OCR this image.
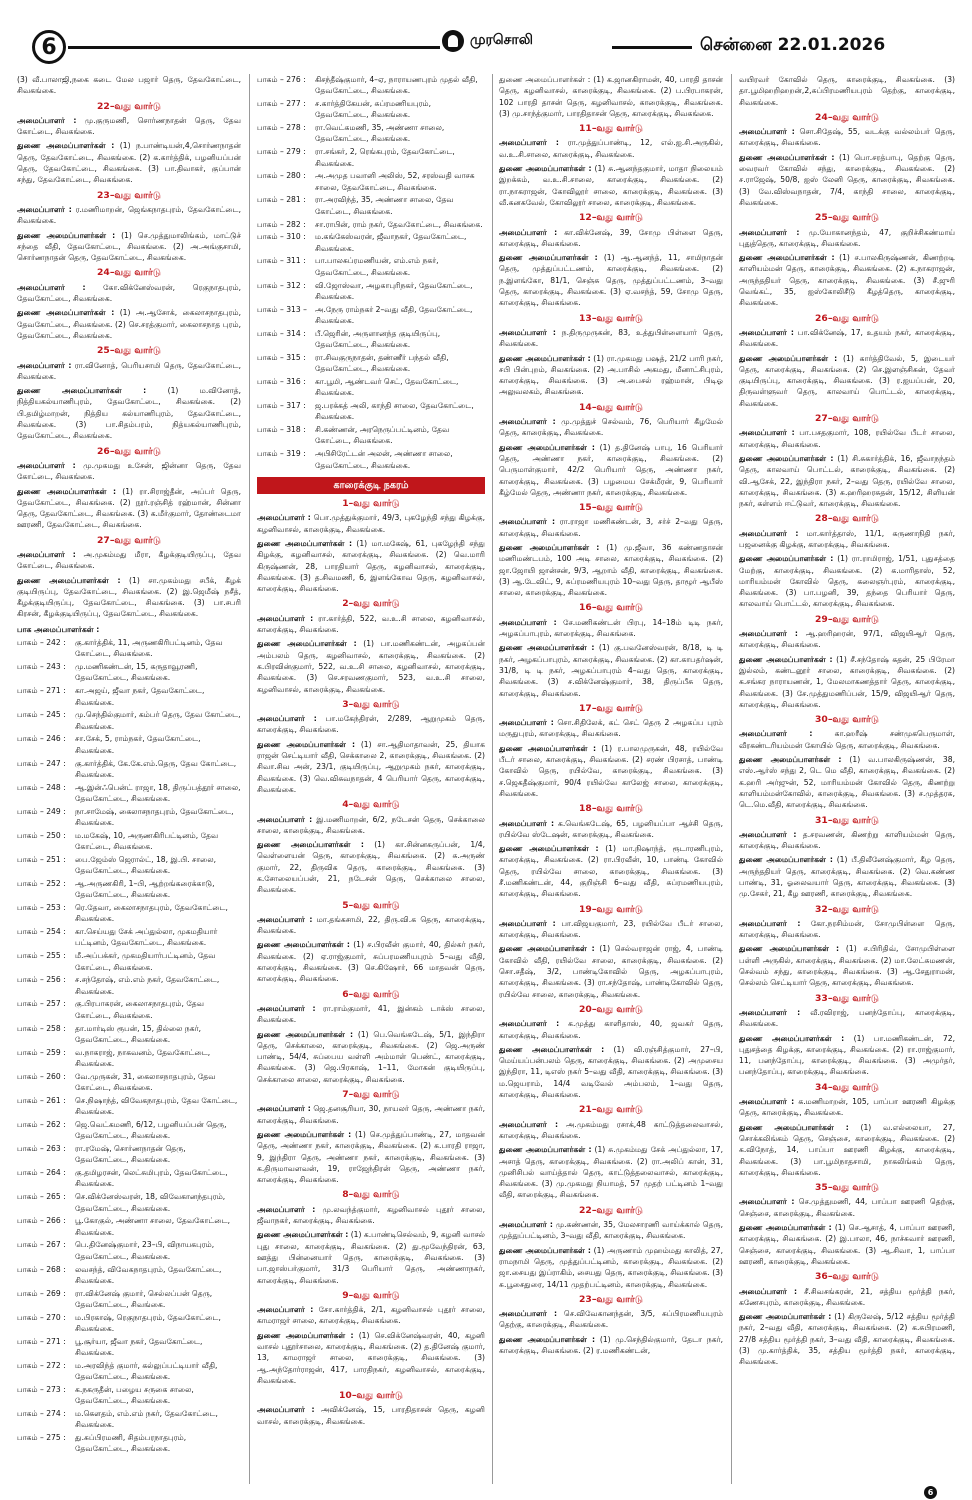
6	முரசொலி	சென்னை 22.01.2026
(3) வீ.பாலாஜி,நகை கடை மேல பஜார் தெரு, தேவகோட்டை, சிவகங்கை.
22–வது வார்டு
அமைப்பாளர் : மு.குருமணி, சொர்ணநாதன் தெரு, தேவ கோட்டை, சிவகங்கை.
துணை அமைப்பாளர்கள் : (1) ந.பாண்டியன்,4,சொர்ணநாதன் தெரு, தேவகோட்டை, சிவகங்கை. (2) க.கார்த்திக், பழனியப்பன் தெரு, தேவகோட்டை, சிவகங்கை. (3) பா.திவாகர், குப்பான் சந்து, தேவகோட்டை, சிவகங்கை.
23–வது வார்டு
அமைப்பாளர் : ர.மணிமாறன், ஜெங்கநாதபுரம், தேவகோட்டை, சிவகங்கை.
துணை அமைப்பாளர்கள் : (1) செ.முத்துமாலிங்கம், மாட்டுச் சந்தை வீதி, தேவகோட்டை, சிவகங்கை. (2) அ.அங்குசாமி, சொர்ணநாதன் தெரு, தேவகோட்டை, சிவகங்கை.
24–வது வார்டு
அமைப்பாளர் : கோ.விக்னேஸ்வரன், ரெகுநாதபுரம், தேவகோட்டை, சிவகங்கை.
துணை அமைப்பாளர்கள் : (1) அ.ஆசோக், கைலாசநாதபுரம், தேவகோட்டை, சிவகங்கை. (2) செ.சரத்குமார், கைலாசநாத புரம், தேவகோட்டை, சிவகங்கை.
25–வது வார்டு
அமைப்பாளர் : ரா.வினோத், பெரியசாமி தெரு, தேவகோட்டை, சிவகங்கை.
துணை அமைப்பாளர்கள் :	(1) ம.வினோத், நித்தியகல்யாணிபுரம், தேவகோட்டை, சிவகங்கை. (2) பி.தமிழ்மாறன், நித்திய கல்யாணிபுரம், தேவகோட்டை, சிவகங்கை. (3) பா.சிதம்பரம், நித்யகல்யாணிபுரம், தேவகோட்டை, சிவகங்கை.
26–வது வார்டு
அமைப்பாளர் : மு.முகமது உசேன், ஜின்னா தெரு, தேவ கோட்டை, சிவகங்கை.
துணை அமைப்பாளர்கள் : (1) ரா.சிராஜ்தீன், அப்பர் தெரு, தேவகோட்டை, சிவகங்கை. (2) நூர்.ரஞ்சித் ரஹ்மான், சின்னா தெரு, தேவகோட்டை, சிவகங்கை. (3) க.மீர்குமார், தோண்டைமா ஊரணி, தேவகோட்டை, சிவகங்கை.
27–வது வார்டு
அமைப்பாளர் : அ.முகம்மது மீரா, கீழக்குடியிருப்பு, தேவ கோட்டை, சிவகங்கை.
துணை அமைப்பாளர்கள் : (1) சா.முகம்மது சபீக், கீழக் குடியிருப்பு, தேவகோட்டை, சிவகங்கை. (2) இ.ஜெமீஷ் நசீத், கீழக்குடியிருப்பு, தேவகோட்டை, சிவகங்கை. (3) பா.சபரி கிரசன், கீழக்குடியிருப்பு, தேவகோட்டை, சிவகங்கை.
பாக அமைப்பாளர்கள் :
பாகம் – 242 :	கு.கார்த்திக், 11, அருணகிரிபட்டினம், தேவ கோட்டை, சிவகங்கை.
பாகம் – 243 :	மு.மணிகண்டன், 15, கருதாவூரணி, தேவகோட்டை, சிவகங்கை.
பாகம் – 271 :	கா.அஜய், ஜீவா நகர், தேவகோட்டை, சிவகங்கை.
பாகம் – 245 :	மு.செந்தில்குமார், கம்பர் தெரு, தேவ கோட்டை, சிவகங்கை.
பாகம் – 246 :	சா.சேக், 5, ராம்நகர், தேவகோட்டை, சிவகங்கை.
பாகம் – 247 :	கு.கார்த்திக், கே.கே.எம்.தெரு, தேவ கோட்டை, சிவகங்கை.
பாகம் – 248 :	ஆ.இன்ஃபென்ட் ராஜா, 18, திருப்பத்தூர் சாலை, தேவகோட்டை, சிவகங்கை.
பாகம் – 249 :	நா.சாமேஷ், கைலாசநாதபுரம், தேவகோட்டை, சிவகங்கை.
பாகம் – 250 :	ம.மகேஷ், 10, அருணகிரிபட்டினம், தேவ கோட்டை, சிவகங்கை.
பாகம் – 251 :	பை.ஜேம்ஸ் ஜெரால்ட், 18, இ.பி. சாலை, தேவகோட்டை, சிவகங்கை.
பாகம் – 252 :	ஆ.அருணகிரி, 1–பி, ஆற்றங்கரைக்காடு, தேவகோட்டை, சிவகங்கை.
பாகம் – 253 :	ரெ.தேவா, கைலாசநாதபுரம், தேவகோட்டை, சிவகங்கை.
பாகம் – 254 :	கா.செய்யது சேக் அப்துல்லா, முகமதியார் பட்டினம், தேவகோட்டை, சிவகங்கை.
பாகம் – 255 :	மீ.அப்பக்கர், முகமதியார்பட்டினம், தேவ கோட்டை, சிவகங்கை.
பாகம் – 256 :	ச.சந்தோஷ், எம்.எம் நகர், தேவகோட்டை, சிவகங்கை.
பாகம் – 257 :	கு.பிரபாகரன், கைலாசநாதபுரம், தேவ கோட்டை, சிவகங்கை.
பாகம் – 258 :	தா.மார்டிஸ் ரூபன், 15, தில்லை நகர், தேவகோட்டை, சிவகங்கை.
பாகம் – 259 :	வ.நாகராஜ், நாகவனம், தேவகோட்டை, சிவகங்கை.
பாகம் – 260 :	வே.முருகன், 31, கைலாசநாதபுரம், தேவ கோட்டை, சிவகங்கை.
பாகம் – 261 :	செ.நிஷாந்த், விவேகநாதபுரம், தேவ கோட்டை, சிவகங்கை.
பாகம் – 262 :	ஜெ.வெட்கமணி, 6/12, பழனியப்பன் தெரு, தேவகோட்டை, சிவகங்கை.
பாகம் – 263 :	ரா.ரமேஷ், சொர்ணநாதன் தெரு, தேவகோட்டை, சிவகங்கை.
பாகம் – 264 :	கு.தமிழரசன், லெட்சுமிபுரம், தேவகோட்டை, சிவகங்கை.
பாகம் – 265 :	செ.விக்னேஸ்வரன், 18, விவேகானந்தபுரம், தேவகோட்டை, சிவகங்கை.
பாகம் – 266 :	பூ.கோகுல், அண்ணா சாலை, தேவகோட்டை, சிவகங்கை.
பாகம் – 267 :	பெ.தினேஷ்குமார், 23–பி, விநாயகபுரம், தேவகோட்டை, சிவகங்கை.
பாகம் – 268 :	லவசந்த், விவேகநாதபுரம், தேவகோட்டை, சிவகங்கை.
பாகம் – 269 :	ரா.விக்னேஷ் குமார், செல்லப்பன் தெரு, தேவகோட்டை, சிவங்கை.
பாகம் – 270 :	ம.பிரகாஷ், ரெகுநாதபுரம், தேவகோட்டை, சிவகங்கை.
பாகம் – 271 :	பூ.சூர்யா, ஜீவா நகர், தேவகோட்டை, சிவகங்கை.
பாகம் – 272 :	ம.அரவிந்த் குமார், கல்லுப்பட்டியார் வீதி, தேவகோட்டை, சிவகங்கை.
பாகம் – 273 :	க.நகருதீன், பழைய சருகை சாலை, தேவகோட்டை, சிவகங்கை.
பாகம் – 274 :	ம.கௌதம், எம்.எம் நகர், தேவகோட்டை, சிவகங்கை.
பாகம் – 275 :	து.சுப்பிரமணி, சிதம்பரநாதபுரம், தேவகோட்டை, சிவகங்கை.
பாகம் – 276 :	கிசந்தீஷ்குமார், 4–ஏ, நாராயணபுரம் முதல் வீதி, தேவகோட்டை, சிவகங்கை.
பாகம் – 277 :	ச.கார்த்திகேயன், சுப்ரமணியபுரம், தேவகோட்டை, சிவகங்கை.
பாகம் – 278 :	ரா.வெட்கமணி, 35, அண்ணா சாலை, தேவகோட்டை, சிவகங்கை.
பாகம் – 279 :	ரா.சங்கர், 2, ரெங்கபுரம், தேவகோட்டை, சிவகங்கை.
பாகம் – 280 :	அ.அமுத பவானி அலிஸ், 52, சரஸ்வதி வாசக சாலை, தேவகோட்டை, சிவகங்கை.
பாகம் – 281 :	ரா.அரவிந்த், 35, அண்ணா சாலை, தேவ கோட்டை, சிவகங்கை.
பாகம் – 282 :	சா.ராபின், ராம் நகர், தேவகோட்டை, சிவகங்கை.
பாகம் – 310 :	ம.கங்கேஸ்வரன், ஜீவாநகர், தேவகோட்டை, சிவகங்கை.
பாகம் – 311 :	பா.பாலசுப்ரமணியன், எம்.எம் நகர், தேவகோட்டை, சிவகங்கை.
பாகம் – 312 :	வி.ஜோஸ்வா, அழகாபுரிநகர், தேவகோட்டை, சிவகங்கை.
பாகம் – 313 –	அ.நேரு ராம்நகர் 2–வது வீதி, தேவகோட்டை, சிவகங்கை.
பாகம் – 314 :	பீ.ஜெரின், அருளானந்த குடியிருப்பு, தேவகோட்டை, சிவகங்கை.
பாகம் – 315 :	ரா.சிவகுருநாதன், தண்ணீர் பந்தல் வீதி, தேவகோட்டை, சிவகங்கை.
பாகம் – 316 :	கா.பூமி, ஆண்டவர் செட், தேவகோட்டை, சிவகங்கை.
பாகம் – 317 :	ஜ.பரக்கத் அலி, காந்தி சாலை, தேவகோட்டை, சிவகங்கை.
பாகம் – 318 :	சி.கண்ணன், அரநெருப்பட்டினம், தேவ கோட்டை, சிவகங்கை.
பாகம் – 319 :	அபிசிரேட்டன் அலன், அண்ணா சாலை, தேவகோட்டை, சிவகங்கை.
காரைக்குடி நகரம்
1–வது வார்டு
அமைப்பாளர் : பொ.முத்துக்குமார், 49/3, புகழேந்தி சந்து கிழக்கு, கழனிவாசல், காரைக்குடி, சிவகங்கை.
துணை அமைப்பாளர்கள் : (1) மா.மகேஷ், 61, புகழேந்தி சந்து கிழக்கு, கழனிவாசல், காரைக்குடி, சிவகங்கை. (2) வெ.மாரி கிருஷ்ணன், 28, பாரதியார் தெரு, கழனிவாசல், காரைக்குடி, சிவகங்கை. (3) த.சிவமணி, 6, இளங்கோவ தெரு, கழனிவாசல், காரைக்குடி, சிவகங்கை.
2–வது வார்டு
அமைப்பாளர் : ரா.கார்த்தி, 522, வ.உ.சி சாலை, கழனிவாசல், காரைக்குடி, சிவகங்கை.
துணை அமைப்பாளர்கள் : (1) பா.மணிகண்டன், அழகப்பன் அம்பலம் தெரு, கழனிவாசல், காரைக்குடி, சிவகங்கை. (2) க.பிரவின்குமார், 522, வ.உ.சி சாலை, கழனிவாசல், காரைக்குடி, சிவகங்கை. (3) செ.சரவணகுமார், 523, வ.உ.சி சாலை, கழனிவாசல், காரைக்குடி, சிவகங்கை.
3–வது வார்டு
அமைப்பாளர் : பா.மகேந்திரன், 2/289, ஆறுமுகம் தெரு, காரைக்குடி, சிவகங்கை.
துணை அமைப்பாளர்கள் : (1) சா.ஆதிமாதாவன், 25, தியாக ராஜன் செட்டியார் வீதி, செக்காலை 2, காரைக்குடி, சிவகங்கை. (2) சிவா.சிவ அன், 23/1, குடியிருப்பு, ஆறுமுகம் நகர், காரைக்குடி, சிவகங்கை. (3) வெ.விசுவநாதன், 4 பெரியார் தெரு, காரைக்குடி, சிவகங்கை.
4–வது வார்டு
அமைப்பாளர் : இ.மணிமாறன், 6/2, நடேசன் தெரு, செக்காலை சாலை, காரைக்குடி, சிவகங்கை.
துணை அமைப்பாளர்கள் : (1) கா.சின்னகருப்பன், 1/4, வெள்ளையன் தெரு, காரைக்குடி, சிவகங்கை. (2) சு.அருண் குமார், 22, திருவிக தெரு, காரைக்குடி, சிவகங்கை. (3) க.சோலையப்பன், 21, நடேசன் தெரு, செக்காலை சாலை, சிவகங்கை.
5–வது வார்டு
அமைப்பாளர் : மா.தங்கசாமி, 22, திரு.வி.க தெரு, காரைக்குடி, சிவகங்கை.
துணை அமைப்பாளர்கள் : (1) ச.பிரவீன் குமார், 40, தில்கர் நகர், சிவகங்கை. (2) ஏ.ராஜ்குமார், சுப்பரமணியபுரம் 5–வது வீதி, காரைக்குடி, சிவகங்கை. (3) செ.கிஷோர், 66 மாதவன் தெரு, காரைக்குடி, சிவகங்கை.
6–வது வார்டு
அமைப்பாளர் : ரா.ராம்குமார், 41, இன்கம் டாக்ஸ் சாலை, சிவகங்கை.
துணை அமைப்பாளர்கள் : (1) பெ.வெங்கடேஷ், 5/1, இந்திரா தெரு, செக்காலை, காரைக்குடி, சிவகங்கை. (2) ஜெ.அருண் பாண்டி, 54/4, சுப்பைய வள்ளி அம்மாள் பெண்ட், காரைக்குடி, சிவகங்கை. (3) ஜெ.பிரகாஷ், 1–11, மோகன் குடியிருப்பு, செக்காலை சாலை, காரைக்குடி, சிவகங்கை.
7–வது வார்டு
அமைப்பாளர் : ஜெ.தனசூரியா, 30, நாயலர் தெரு, அண்ணா நகர், காரைக்குடி, சிவகங்கை.
துணை அமைப்பாளர்கள் : (1) செ.முத்துப்பாண்டி, 27, மாதவன் தெரு, அண்ணா நகர், காரைக்குடி, சிவகங்கை. (2) க.பாரதி ராஜா, 9, இந்திரா தெரு, அண்ணா நகர், காரைக்குடி, சிவகங்கை. (3) க.திருமாவளவன், 19, ராஜேந்திரன் தெரு, அண்ணா நகர், காரைக்குடி, சிவகங்கை.
8–வது வார்டு
அமைப்பாளர் : மு.லவந்த்குமார், கழனிவாசல் புதூர் சாலை, ஜீவாநகர், காரைக்குடி, சிவகங்கை.
துணை அமைப்பாளர்கள் : (1) க.பாண்டிசெல்வம், 9, கழனி வாசல் புது சாலை, காரைக்குடி, சிவகங்கை. (2) து.மூவேந்திரன், 63, ஊத்து பின்னையார் தெரு, காரைக்குடி, சிவகங்கை. (3) பா.ஜாஸ்பர்குமார், 31/3 பெரியார் தெரு, அண்ணாநகர், காரைக்குடி, சிவகங்கை.
9–வது வார்டு
அமைப்பாளர் : சோ.கார்த்திக், 2/1, கழனிவாசல் புதூர் சாலை, காமராஜர் சாலை, காரைக்குடி, சிவகங்கை.
துணை அமைப்பாளர்கள் : (1) செ.விக்னேஷ்வரன், 40, கழனி வாசல் புதூர்சாலை, காரைக்குடி, சிவகங்கை. (2) த.தினேஷ் குமார், 13, காமராஜர் சாலை, காரைக்குடி, சிவகங்கை. (3) ஆ.அந்தோர்ராஜன், 417, பாரதிநகர், கழனிவாசல், காரைக்குடி, சிவகங்கை.
10–வது வார்டு
அமைப்பாளர் : அவிக்னேஷ், 15, பாரதிதாசன் தெரு, கழனி வாசல், காரைக்குடி, சிவகங்கை.
துணை அமைப்பாளர்கள் : (1) க.ஜானகிராமன், 40, பாரதி தாசன் தெரு, கழனிவாசல், காரைக்குடி, சிவகங்கை. (2) ப.பிரபாகரன், 102 பாரதி தாசன் தெரு, கழனிவாசல், காரைக்குடி, சிவகங்கை. (3) மு.சாந்த்குமார், பாரதிதாசன் தெரு, காரைக்குடி, சிவகங்கை.
11–வது வார்டு
அமைப்பாளர் : ரா.முத்துப்பாண்டி, 12, எல்.ஐ.சி.அருகில், வ.உ.சி.சாலை, காரைக்குடி, சிவகங்கை.
துணை அமைப்பாளர்கள் : (1) சு.ஆனந்தகுமார், மாதா நிலையம் இறக்கம், வ.உ.சி.சாலை, காரைக்குடி, சிவகங்கை. (2) ரா.நாகராஜன், கோவிலூர் சாலை, காரைக்குடி, சிவகங்கை. (3) வீ.கனகவேல், கோவிலூர் சாலை, காரைக்குடி, சிவகங்கை.
12–வது வார்டு
அமைப்பாளர் : கா.விக்னேஷ், 39, சோமு பிள்ளை தெரு, காரைக்குடி, சிவகங்கை.
துணை அமைப்பாளர்கள் : (1) ஆ.ஆனந்த், 11, சாமிநாதன் தெரு, முத்துப்பட்டணம், காரைக்குடி, சிவகங்கை. (2) ந.இளங்கோ, 81/1, செஞ்சு தெரு, முத்துப்பட்டணம், 3–வது தெரு, காரைக்குடி, சிவகங்கை. (3) ஏ.வசந்த், 59, சோமு தெரு, காரைக்குடி, சிவகங்கை.
13–வது வார்டு
அமைப்பாளர் : ந.திருமுருகன், 83, உத்துபிள்ளையார் தெரு, சிவகங்கை.
துணை அமைப்பாளர்கள் : (1) ரா.முகமது பஷத், 21/2 பாரி நகர், சபி பின்புறம், சிவகங்கை. (2) அ.பாசில் அகமது, மீனாட்சிபுரம், காரைக்குடி, சிவகங்கை. (3) அ.பைசல் ரஹ்மான், பிடிஓ அலுவலகம், சிவகங்கை.
14–வது வார்டு
அமைப்பாளர் : மு.முத்துச் செல்வம், 76, பெரியார் கீழமேல் தெரு, காரைக்குடி, சிவகங்கை.
துணை அமைப்பாளர்கள் : (1) த.தினேஷ் பாபு, 16 பெரியார் தெரு, அண்ணா நகர், காரைக்குடி, சிவகங்கை. (2) பெருமாள்குமார், 42/2 பெரியார் தெரு, அண்ணா நகர், காரைக்குடி, சிவகங்கை. (3) பழமைய சேக்மீரன், 9, பெரியார் கீழ்மேல் தெரு, அண்ணா நகர், காரைக்குடி, சிவகங்கை.
15–வது வார்டு
அமைப்பாளர் : ரா.ராஜா மணிகண்டன், 3, சர்ச் 2–வது தெரு, காரைக்குடி, சிவகங்கை.
துணை அமைப்பாளர்கள் : (1) மு.ஜீவா, 36 கண்ணதாசன் மணிமண்டபம், 100 அடி சாலை, காரைக்குடி, சிவகங்கை. (2) ஜா.ஜோயி ஜான்சன், 9/3, ஆறாம் வீதி, காரைக்குடி, சிவகங்கை. (3) ஆ.டேவிட், 9, சுப்ரமணியபுரம் 10–வது தெரு, தாழூர் ஆபீஸ் சாலை, காரைக்குடி, சிவகங்கை.
16–வது வார்டு
அமைப்பாளர் : சே.மணிகண்டன் பிரபு, 14–18ம் டிடி நகர், அழகப்பாபுரம், காரைக்குடி, சிவகங்கை.
துணை அமைப்பாளர்கள் : (1) கு.பவனேஸ்வரன், 8/18, டி டி நகர், அழகப்பாபுரம், காரைக்குடி, சிவகங்கை. (2) கா.காபதர்ஷன், 31/8, டி டி நகர், அழகப்பாபுரம் 4–வது தெரு, காரைக்குடி, சிவகங்கை. (3) ச.விக்னேஷ்குமார், 38, திருப்பீசு தெரு, காரைக்குடி, சிவகங்கை.
17–வது வார்டு
அமைப்பாளர் : சொ.சிதிலேக், கட் செட் தெரு 2 அழகப்ப புரம் மருதுபுரம், காரைக்குடி, சிவகங்கை.
துணை அமைப்பாளர்கள் : (1) ர.பாலமுருகன், 48, ரயில்வே பீடர் சாலை, காரைக்குடி, சிவகங்கை. (2) சரண் பிரசாத், பாண்டி கோவில் தெரு, ரயில்வே, காரைக்குடி, சிவகங்கை. (3) ச.ஜெகதீஷ்குமார், 90/4 ரயில்வே காலேஜ் சாலை, காரைக்குடி, சிவகங்கை.
18–வது வார்டு
அமைப்பாளர் : க.வெங்கடேஷ், 65, பழனியப்பா ஆச்சி தெரு, ரயில்வே ஸ்டேஷன், காரைக்குடி, சிவகங்கை.
துணை அமைப்பாளர்கள் : (1) மா.நிஷாந்த், ரூடாரணிபுரம், காரைக்குடி, சிவகங்கை. (2) ரா.பிரவீன், 10, பாண்டி கோவில் தெரு, ரயில்வே சாலை, காரைக்குடி, சிவகங்கை. (3) சீ.மணிகண்டன், 44, குறிஞ்சி 6–வது வீதி, சுப்ரமணியபுரம், காரைக்குடி, சிவகங்கை.
19–வது வார்டு
அமைப்பாளர் : பா.விஜயகுமார், 23, ரயில்வே பீடர் சாலை, காரைக்குடி, சிவகங்கை.
துணை அமைப்பாளர்கள் : (1) செல்வராஜன் ராஜ், 4, பாண்டி கோவில் வீதி, ரயில்வே சாலை, காரைக்குடி, சிவகங்கை. (2) சொ.சதீஷ், 3/2, பாண்டிகோவில் தெரு, அழகப்பாபுரம், காரைக்குடி, சிவகங்கை. (3) ரா.சந்தோஷ், பாண்டிகோவில் தெரு, ரயில்வே சாலை, காரைக்குடி, சிவகங்கை.
20–வது வார்டு
அமைப்பாளர் : க.முத்து காளிதாஸ், 40, ஜவகர் தெரு, காரைக்குடி, சிவகங்கை.
துணை அமைப்பாளர்கள் : (1) வி.ரஞ்சித்குமார், 27–பி, மெய்யப்பன்பலம் தெரு, காரைக்குடி, சிவகங்கை. (2) அமுசைய இந்திரா, 11, டிஎஸ் நகர் 5–வது வீதி, காரைக்குடி, சிவகங்கை. (3) ம.ஜெயராம், 14/4 வடிவேல் அம்பலம், 1–வது தெரு, காரைக்குடி, சிவகங்கை.
21–வது வார்டு
அமைப்பாளர் : அ.முகம்மது ரசாக்,48 காட்டுத்தலைவாசல், காரைக்குடி, சிவகங்கை.
துணை அமைப்பாளர்கள் : (1) சு.முகம்மது சேக் அப்துல்லா, 17, அசாத் தெரு, காரைக்குடி, சிவகங்கை. (2) ரா.அலிப் கான், 31, முனிசிபல் வாய்த்தால் தெரு, காட்டுத்தலைவாசல், காரைக்குடி, சிவகங்கை. (3) மு.முகமது நியாமத், 57 முதற் பட்டினம் 1–வது வீதி, காரைக்குடி, சிவகங்கை.
22–வது வார்டு
அமைப்பாளர் : மு.கண்ணன், 35, மேலசாரணி வாய்க்கால் தெரு, முத்துப்பட்டினம், 3–வது வீதி, காரைக்குடி, சிவகங்கை.
துணை அமைப்பாளர்கள் : (1) அருணாம் முஹம்மது காலித், 27, ராமநாமி தெரு, முத்துப்பட்டினம், காரைக்குடி, சிவகங்கை. (2) ஜா.சையது இப்ராகிம், சையது தெரு, காரைக்குடி, சிவகங்கை. (3) சு.பூசைதுரை, 14/11 முதற்பட்டினம், காரைக்குடி, சிவகங்கை.
23–வது வார்டு
அமைப்பாளர் : செ.விவேகானந்தன், 3/5, சுப்பிரமணியபுரம் தெற்கு, காரைக்குடி, சிவகங்கை.
துணை அமைப்பாளர்கள் : (1) மு.செந்தில்குமார், தேடா நகர், காரைக்குடி, சிவகங்கை. (2) ர.மணிகண்டன்,
வயிரவர் கோவில் தெரு, காரைக்குடி, சிவகங்கை. (3) தா.பூமிஹறிஹறன்,2,சுப்பிரமணியபுரம் தெற்கு, காரைக்குடி, சிவகங்கை.
24–வது வார்டு
அமைப்பாளர் : சொ.சிதேஷ், 55, வடக்கு வல்லம்பர் தெரு, காரைக்குடி, சிவகங்கை.
துணை அமைப்பாளர்கள் : (1) பொ.சரத்பாபு, தெற்கு தெரு, வைரவர் கோவில் சந்து, காரைக்குடி, சிவகங்கை. (2) ச.ராஜேஷ், 50/8, ஐஸ் லேனி தெரு, காரைக்குடி, சிவகங்கை. (3) வே.விஸ்வநாதன், 7/4, காந்தி சாலை, காரைக்குடி, சிவகங்கை.
25–வது வார்டு
அமைப்பாளர் : மு.யோகானந்தம், 47, குறிச்சிகண்மாய் புதுத்தெரு, காரைக்குடி, சிவகங்கை.
துணை அமைப்பாளர்கள் : (1) ச.பாலகிருஷ்ணன், கிணற்றடி காளியம்மன் தெரு, காரைக்குடி, சிவகங்கை. (2) க.நாகராஜன், அருந்ததியர் தெரு, காரைக்குடி, சிவகங்கை. (3) சீ.ஜுரி வெங்கட், 35, ஐஸ்கோலிசீடு கீழத்தெரு, காரைக்குடி, சிவகங்கை.
26–வது வார்டு
அமைப்பாளர் : பா.விக்னேஷ், 17, உதயம் நகர், காரைக்குடி, சிவகங்கை.
துணை அமைப்பாளர்கள் : (1) கார்த்திவேல், 5, இடையர் தெரு, காரைக்குடி, சிவகங்கை. (2) செ.இளஞ்சிசுன், தேவர் குடியிருப்பு, காரைக்குடி, சிவகங்கை. (3) ர.ஐயப்பன், 20, திருவள்ளுவர் தெரு, காலவாய் பொட்டல், காரைக்குடி, சிவகங்கை.
27–வது வார்டு
அமைப்பாளர் : பா.பசதகுமார், 108, ரயில்வே பீடர் சாலை, காரைக்குடி, சிவகங்கை.
துணை அமைப்பாளர்கள் : (1) சி.சுகார்த்திக், 16, ஜீவாநந்தம் தெரு, காலவாய் பொட்டல், காரைக்குடி, சிவகங்கை. (2) வி.ஆசேக், 22, இந்திரா நகர், 2–வது தெரு, ரயில்வே சாலை, காரைக்குடி, சிவகங்கை. (3) சு.ஹரிஹரசுதன், 15/12, சிளியன் நகர், கள்ளம் ஈட்டுவர், காரைக்குடி, சிவகங்கை.
28–வது வார்டு
அமைப்பாளர் : மா.கார்த்தாஸ், 11/1, கருணாநிதி நகர், பஜனைக்கு கிழக்கு, காரைக்குடி, சிவகங்கை.
துணை அமைப்பாளர்கள் : (1) ரா.ராமிராஜ், 1/51, புதுசத்தை மேற்கு, காரைக்குடி, சிவகங்கை. (2) க.மாரிதாஸ், 52, மாரியம்மன் கோவில் தெரு, கலைஞர்புரம், காரைக்குடி, சிவகங்கை. (3) பா.பழனி, 39, தந்தை பெரியார் தெரு, காலவாய் பொட்டல், காரைக்குடி, சிவகங்கை.
29–வது வார்டு
அமைப்பாளர் : ஆ.ஹரிஹரன், 97/1, விஜயிஆர் தெரு, காரைக்குடி, சிவகங்கை.
துணை அமைப்பாளர்கள் : (1) சீ.சந்தோஷ் கதன், 25 பிரேமா இல்லம், கண்டனூர் சாலை, காரைக்குடி, சிவகங்கை. (2) க.சங்கர நாராயணன், 1, மேலமாகணத்தார் தெரு, காரைக்குடி, சிவகங்கை. (3) சே.முத்துமணிப்பன், 15/9, விஜயிஆர் தெரு, காரைக்குடி, சிவகங்கை.
30–வது வார்டு
அமைப்பாளர் :	கா.ஹரீஷ் சண்முகபெருமாள், வீரகண்டரியம்மன் கோயில் தெரு, காரைக்குடி, சிவகங்கை.
துணை அமைப்பாளர்கள் : (1) வ.பாலகிருஷ்ணன், 38, எஸ்.ஆர்ஸ் சந்து 2, டெ மெ வீதி, காரைக்குடி, சிவகங்கை. (2) க.ஹரி அர்ஜுன், 52, மாரியம்மன் கோவில் தெரு, கிணற்று காளியம்மன்கோவில், காரைக்குடி, சிவகங்கை. (3) ச.முத்தரசு, டெ.மெ.வீதி, காரைக்குடி, சிவகங்கை.
31–வது வார்டு
அமைப்பாளர் : த.சரவணன், கிணற்று காளியம்மன் தெரு, காரைக்குடி, சிவகங்கை.
துணை அமைப்பாளர்கள் : (1) பீ.திலீனேஷ்குமார், கீழ தெரு, அருந்ததியர் தெரு, காரைக்குடி, சிவகங்கை. (2) வெ.கண்ண பாண்டி, 31, ஓலைவயார் தெரு, காரைக்குடி, சிவகங்கை. (3) மு.சேகர், 21, கீழ ஊரணி, காரைக்குடி, சிவகங்கை.
32–வது வார்டு
அமைப்பாளர் : கோ.நரசிம்மன், சோமுபிள்ளை தெரு, காரைக்குடி, சிவகங்கை.
துணை அமைப்பாளர்கள் : (1) ச.பிரிதிவ், சோமுபிள்ளை பள்ளி அருகில், காரைக்குடி, சிவகங்கை. (2) மா.லேட்சுமணன், செல்வம் சந்து, காரைக்குடி, சிவகங்கை. (3) ஆ.சேதுராமன், செல்லம் செட்டியார் தெரு, காரைக்குடி, சிவகங்கை.
33–வது வார்டு
அமைப்பாளர் : வீ.ரவிராஜ், பனந்தோப்பு, காரைக்குடி, சிவகங்கை.
துணை அமைப்பாளர்கள் : (1) பா.மணிகண்டன், 72, புதுசத்தை கிழக்கு, காரைக்குடி, சிவகங்கை. (2) ரா.ராஜ்குமார், 11, பனந்தோப்பு, காரைக்குடி, சிவகங்கை. (3) அமுர்தர், பனந்தோப்பு, காரைக்குடி, சிவகங்கை.
34–வது வார்டு
அமைப்பாளர் : க.மணிமாறன், 105, பாப்பா ஊரணி கிழக்கு தெரு, காரைக்குடி, சிவகங்கை.
துணை அமைப்பாளர்கள் : (1) வ.எல்லையா, 27, சொக்கலிங்கம் தெரு, செஞ்சை, காரைக்குடி, சிவகங்கை. (2) க.விநோத், 14, பாப்பா ஊரணி கிழக்கு, காரைக்குடி, சிவகங்கை. (3) பா.பூமிநாதசாமி, நாகலிங்கம் தெரு, காரைக்குடி, சிவகங்கை.
35–வது வார்டு
அமைப்பாளர் : செ.முத்துமணி, 44, பாப்பா ஊரணி தெற்கு, செஞ்சை, காரைக்குடி, சிவகங்கை.
துணை அமைப்பாளர்கள் : (1) செ.ஆசாத், 4, பாப்பா ஊரணி, காரைக்குடி, சிவகங்கை. (2) இ.பாலா, 46, நாச்சுவார் ஊரணி, செஞ்சை, காரைக்குடி, சிவகங்கை. (3) ஆ.சிவா, 1, பாப்பா ஊரணி, காரைக்குடி, சிவகங்கை.
36–வது வார்டு
அமைப்பாளர் : சீ.சிவசங்கரன், 21, சத்திய மூர்த்தி நகர், கணேசபுரம், காரைக்குடி, சிவகங்கை.
துணை அமைப்பாளர்கள் : (1) கிருலேஷ், 5/12 சத்திய மூர்த்தி நகர், 2–வது வீதி, காரைக்குடி, சிவகங்கை. (2) க.சுபிரமணி, 27/8 சத்திய மூர்த்தி நகர், 3–வது வீதி, காரைக்குடி, சிவகங்கை. (3) மு.கார்த்திக், 35, சத்திய மூர்த்தி நகர், காரைக்குடி, சிவகங்கை.
6
